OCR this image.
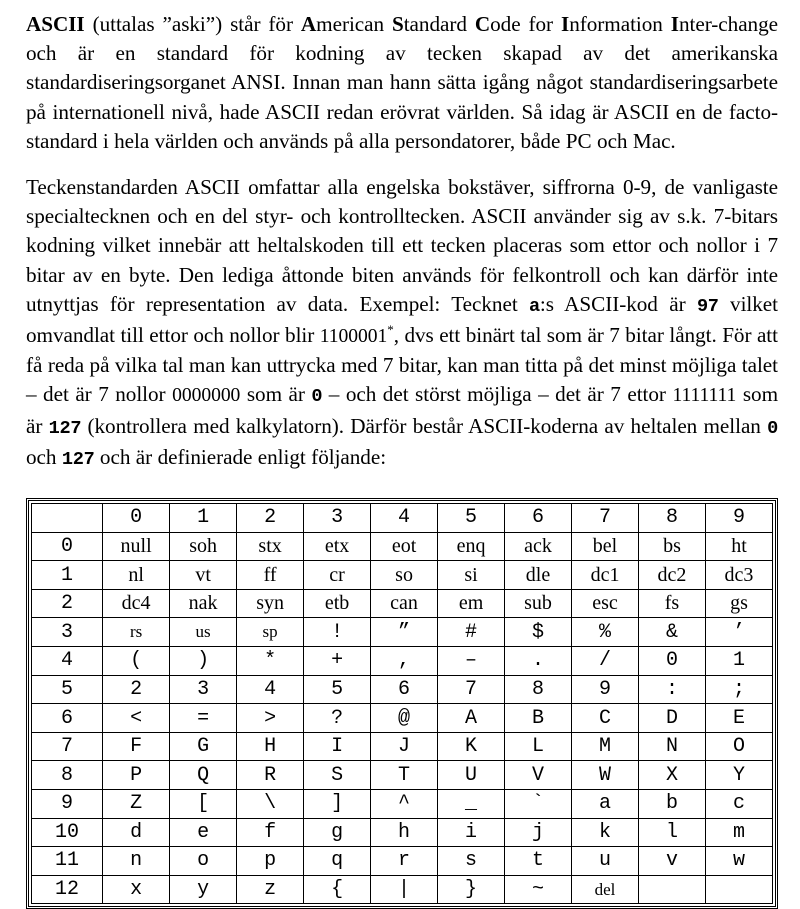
ASCII (uttalas ”aski”) står för American Standard Code for Information Inter-change och är en standard för kodning av tecken skapad av det amerikanska standardiseringsorganet ANSI. Innan man hann sätta igång något standardiseringsarbete på internationell nivå, hade ASCII redan erövrat världen. Så idag är ASCII en de facto-standard i hela världen och används på alla persondatorer, både PC och Mac.

Teckenstandarden ASCII omfattar alla engelska bokstäver, siffrorna 0-9, de vanligaste specialtecknen och en del styr- och kontrolltecken. ASCII använder sig av s.k. 7-bitars kodning vilket innebär att heltalskoden till ett tecken placeras som ettor och nollor i 7 bitar av en byte. Den lediga åttonde biten används för felkontroll och kan därför inte utnyttjas för representation av data. Exempel: Tecknet a:s ASCII-kod är 97 vilket omvandlat till ettor och nollor blir 1100001*, dvs ett binärt tal som är 7 bitar långt. För att få reda på vilka tal man kan uttrycka med 7 bitar, kan man titta på det minst möjliga talet – det är 7 nollor 0000000 som är 0 – och det störst möjliga – det är 7 ettor 1111111 som är 127 (kontrollera med kalkylatorn). Därför består ASCII-koderna av heltalen mellan 0 och 127 och är definierade enligt följande:

	0	1	2	3	4	5	6	7	8	9
0	null	soh	stx	etx	eot	enq	ack	bel	bs	ht
1	nl	vt	ff	cr	so	si	dle	dc1	dc2	dc3
2	dc4	nak	syn	etb	can	em	sub	esc	fs	gs
3	rs	us	sp	!	”	#	$	%	&	’
4	(	)	*	+	,	–	.	/	0	1
5	2	3	4	5	6	7	8	9	:	;
6	<	=	>	?	@	A	B	C	D	E
7	F	G	H	I	J	K	L	M	N	O
8	P	Q	R	S	T	U	V	W	X	Y
9	Z	[	\	]	^	_	`	a	b	c
10	d	e	f	g	h	i	j	k	l	m
11	n	o	p	q	r	s	t	u	v	w
12	x	y	z	{	|	}	~	del		
